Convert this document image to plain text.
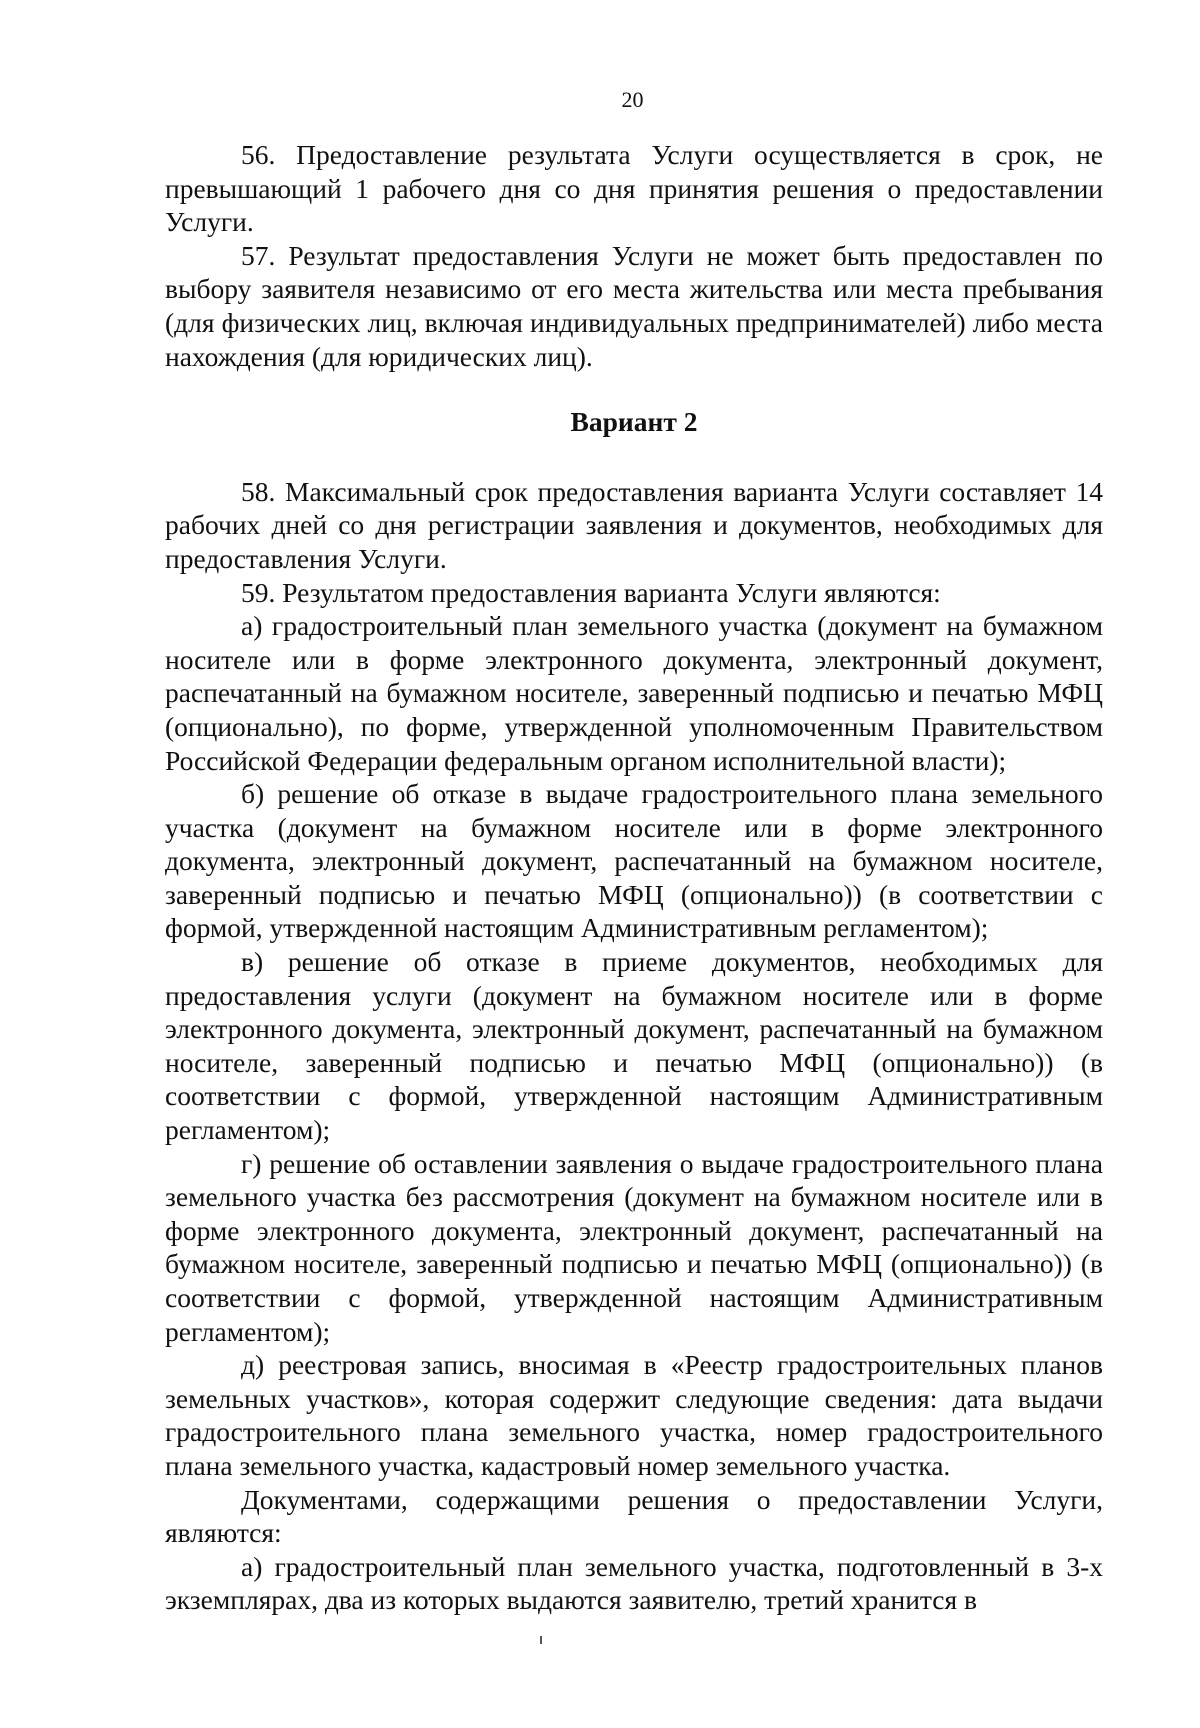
20

56. Предоставление результата Услуги осуществляется в срок, не превышающий 1 рабочего дня со дня принятия решения о предоставлении Услуги.

57. Результат предоставления Услуги не может быть предоставлен по выбору заявителя независимо от его места жительства или места пребывания (для физических лиц, включая индивидуальных предпринимателей) либо места нахождения (для юридических лиц).

Вариант 2

58. Максимальный срок предоставления варианта Услуги составляет 14 рабочих дней со дня регистрации заявления и документов, необходимых для предоставления Услуги.

59. Результатом предоставления варианта Услуги являются:

а) градостроительный план земельного участка (документ на бумажном носителе или в форме электронного документа, электронный документ, распечатанный на бумажном носителе, заверенный подписью и печатью МФЦ (опционально), по форме, утвержденной уполномоченным Правительством Российской Федерации федеральным органом исполнительной власти);

б) решение об отказе в выдаче градостроительного плана земельного участка (документ на бумажном носителе или в форме электронного документа, электронный документ, распечатанный на бумажном носителе, заверенный подписью и печатью МФЦ (опционально)) (в соответствии с формой, утвержденной настоящим Административным регламентом);

в) решение об отказе в приеме документов, необходимых для предоставления услуги (документ на бумажном носителе или в форме электронного документа, электронный документ, распечатанный на бумажном носителе, заверенный подписью и печатью МФЦ (опционально)) (в соответствии с формой, утвержденной настоящим Административным регламентом);

г) решение об оставлении заявления о выдаче градостроительного плана земельного участка без рассмотрения (документ на бумажном носителе или в форме электронного документа, электронный документ, распечатанный на бумажном носителе, заверенный подписью и печатью МФЦ (опционально)) (в соответствии с формой, утвержденной настоящим Административным регламентом);

д) реестровая запись, вносимая в «Реестр градостроительных планов земельных участков», которая содержит следующие сведения: дата выдачи градостроительного плана земельного участка, номер градостроительного плана земельного участка, кадастровый номер земельного участка.

Документами, содержащими решения о предоставлении Услуги, являются:

а) градостроительный план земельного участка, подготовленный в 3-х экземплярах, два из которых выдаются заявителю, третий хранится в
